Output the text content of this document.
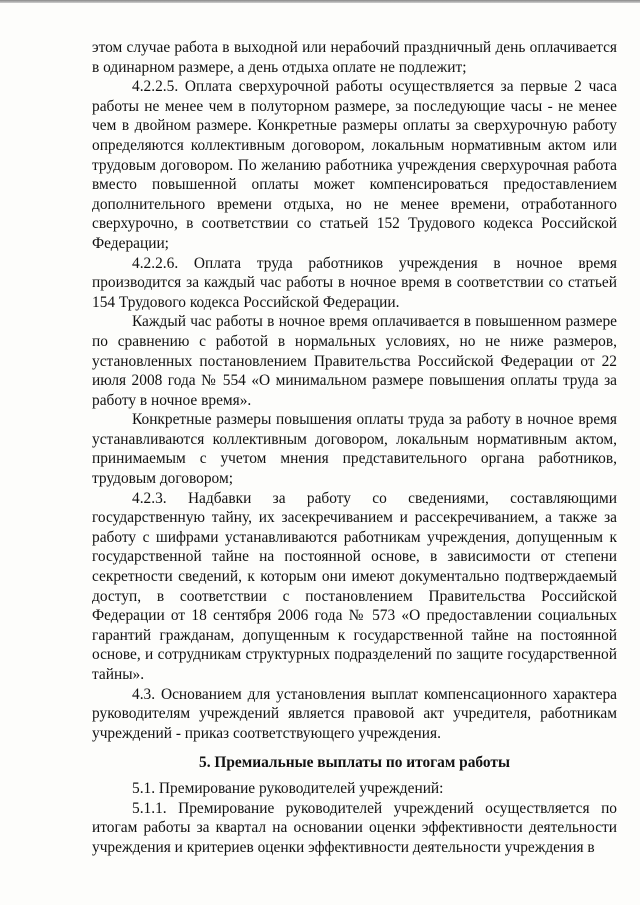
этом случае работа в выходной или нерабочий праздничный день оплачивается в одинарном размере, а день отдыха оплате не подлежит;

4.2.2.5. Оплата сверхурочной работы осуществляется за первые 2 часа работы не менее чем в полуторном размере, за последующие часы - не менее чем в двойном размере. Конкретные размеры оплаты за сверхурочную работу определяются коллективным договором, локальным нормативным актом или трудовым договором. По желанию работника учреждения сверхурочная работа вместо повышенной оплаты может компенсироваться предоставлением дополнительного времени отдыха, но не менее времени, отработанного сверхурочно, в соответствии со статьей 152 Трудового кодекса Российской Федерации;

4.2.2.6. Оплата труда работников учреждения в ночное время производится за каждый час работы в ночное время в соответствии со статьей 154 Трудового кодекса Российской Федерации.

Каждый час работы в ночное время оплачивается в повышенном размере по сравнению с работой в нормальных условиях, но не ниже размеров, установленных постановлением Правительства Российской Федерации от 22 июля 2008 года № 554 «О минимальном размере повышения оплаты труда за работу в ночное время».

Конкретные размеры повышения оплаты труда за работу в ночное время устанавливаются коллективным договором, локальным нормативным актом, принимаемым с учетом мнения представительного органа работников, трудовым договором;

4.2.3. Надбавки за работу со сведениями, составляющими государственную тайну, их засекречиванием и рассекречиванием, а также за работу с шифрами устанавливаются работникам учреждения, допущенным к государственной тайне на постоянной основе, в зависимости от степени секретности сведений, к которым они имеют документально подтверждаемый доступ, в соответствии с постановлением Правительства Российской Федерации от 18 сентября 2006 года № 573 «О предоставлении социальных гарантий гражданам, допущенным к государственной тайне на постоянной основе, и сотрудникам структурных подразделений по защите государственной тайны».

4.3. Основанием для установления выплат компенсационного характера руководителям учреждений является правовой акт учредителя, работникам учреждений - приказ соответствующего учреждения.

5. Премиальные выплаты по итогам работы

5.1. Премирование руководителей учреждений:

5.1.1. Премирование руководителей учреждений осуществляется по итогам работы за квартал на основании оценки эффективности деятельности учреждения и критериев оценки эффективности деятельности учреждения в
